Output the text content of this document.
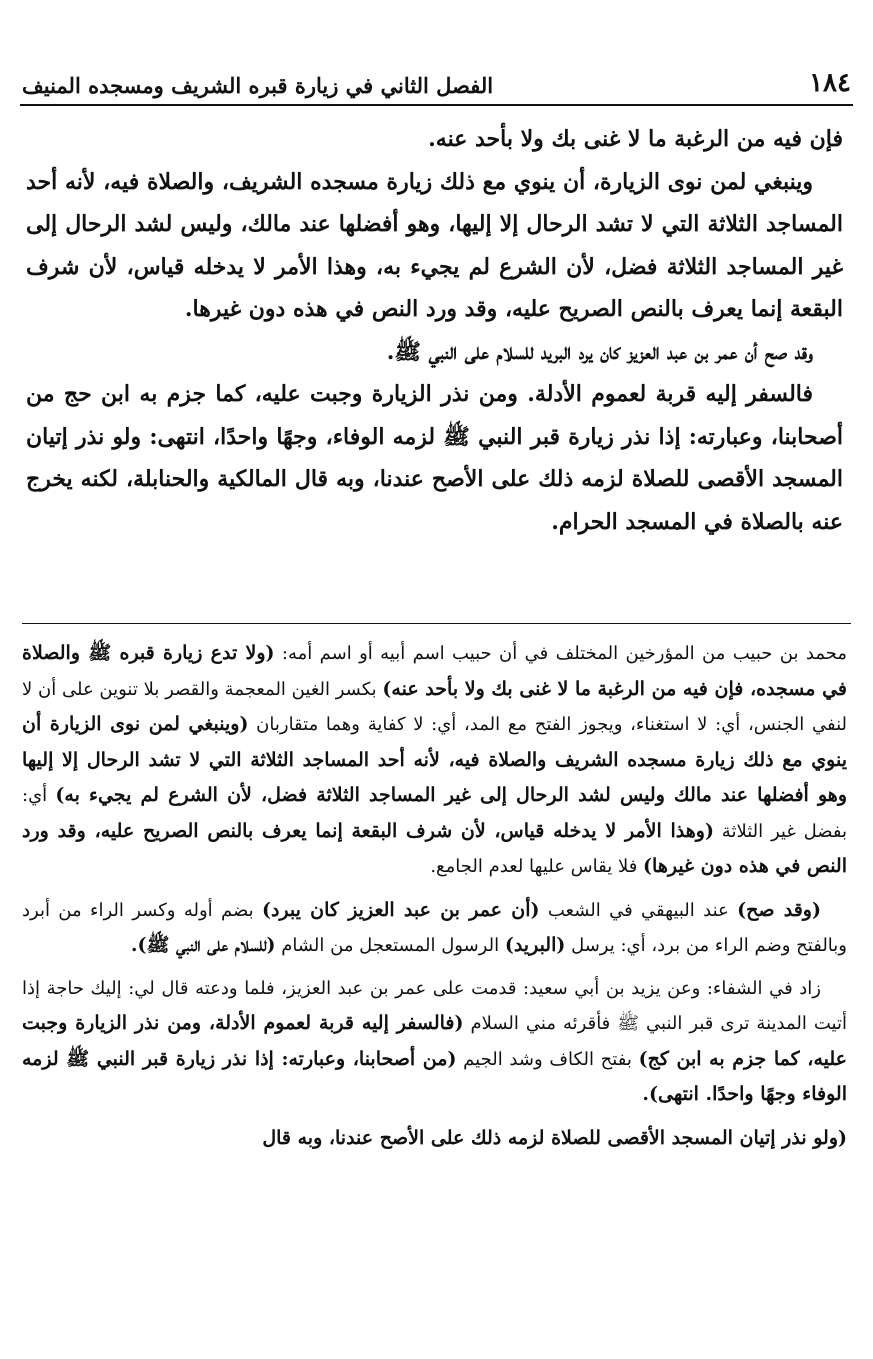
١٨٤
الفصل الثاني في زيارة قبره الشريف ومسجده المنيف

فإن فيه من الرغبة ما لا غنى بك ولا بأحد عنه.

وينبغي لمن نوى الزيارة، أن ينوي مع ذلك زيارة مسجده الشريف، والصلاة فيه، لأنه أحد المساجد الثلاثة التي لا تشد الرحال إلا إليها، وهو أفضلها عند مالك، وليس لشد الرحال إلى غير المساجد الثلاثة فضل، لأن الشرع لم يجيء به، وهذا الأمر لا يدخله قياس، لأن شرف البقعة إنما يعرف بالنص الصريح عليه، وقد ورد النص في هذه دون غيرها.

وقد صح أن عمر بن عبد العزيز كان يرد البريد للسلام على النبي ﷺ.

فالسفر إليه قربة لعموم الأدلة. ومن نذر الزيارة وجبت عليه، كما جزم به ابن حج من أصحابنا، وعبارته: إذا نذر زيارة قبر النبي ﷺ لزمه الوفاء، وجهًا واحدًا، انتهى: ولو نذر إتيان المسجد الأقصى للصلاة لزمه ذلك على الأصح عندنا، وبه قال المالكية والحنابلة، لكنه يخرج عنه بالصلاة في المسجد الحرام.

محمد بن حبيب من المؤرخين المختلف في أن حبيب اسم أبيه أو اسم أمه: (ولا تدع زيارة قبره ﷺ والصلاة في مسجده، فإن فيه من الرغبة ما لا غنى بك ولا بأحد عنه) بكسر الغين المعجمة والقصر بلا تنوين على أن لا لنفي الجنس، أي: لا استغناء، ويجوز الفتح مع المد، أي: لا كفاية وهما متقاربان (وينبغي لمن نوى الزيارة أن ينوي مع ذلك زيارة مسجده الشريف والصلاة فيه، لأنه أحد المساجد الثلاثة التي لا تشد الرحال إلا إليها وهو أفضلها عند مالك وليس لشد الرحال إلى غير المساجد الثلاثة فضل، لأن الشرع لم يجيء به) أي: بفضل غير الثلاثة (وهذا الأمر لا يدخله قياس، لأن شرف البقعة إنما يعرف بالنص الصريح عليه، وقد ورد النص في هذه دون غيرها) فلا يقاس عليها لعدم الجامع.

(وقد صح) عند البيهقي في الشعب (أن عمر بن عبد العزيز كان يبرد) بضم أوله وكسر الراء من أبرد وبالفتح وضم الراء من برد، أي: يرسل (البريد) الرسول المستعجل من الشام (للسلام على النبي ﷺ).

زاد في الشفاء: وعن يزيد بن أبي سعيد: قدمت على عمر بن عبد العزيز، فلما ودعته قال لي: إليك حاجة إذا أتيت المدينة ترى قبر النبي ﷺ فأقرئه مني السلام (فالسفر إليه قربة لعموم الأدلة، ومن نذر الزيارة وجبت عليه، كما جزم به ابن كج) بفتح الكاف وشد الجيم (من أصحابنا، وعبارته: إذا نذر زيارة قبر النبي ﷺ لزمه الوفاء وجهًا واحدًا. انتهى).

(ولو نذر إتيان المسجد الأقصى للصلاة لزمه ذلك على الأصح عندنا، وبه قال
